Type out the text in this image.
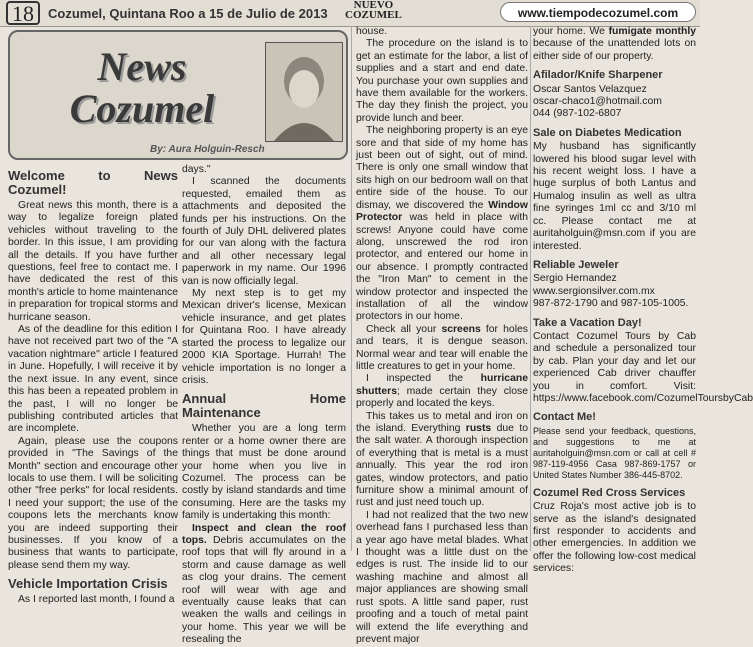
18	Cozumel, Quintana Roo a 15 de Julio de 2013
NUEVO
COZUMEL	www.tiempodecozumel.com
News
Cozumel
By: Aura Holguin-Resch
Welcome to News Cozumel!

Great news this month, there is a way to legalize foreign plated vehicles without traveling to the border. In this issue, I am providing all the details. If you have further questions, feel free to contact me. I have dedicated the rest of this month's article to home maintenance in preparation for tropical storms and hurricane season.

As of the deadline for this edition I have not received part two of the "A vacation nightmare" article I featured in June. Hopefully, I will receive it by the next issue. In any event, since this has been a repeated problem in the past, I will no longer be publishing contributed articles that are incomplete.

Again, please use the coupons provided in "The Savings of the Month" section and encourage other locals to use them. I will be soliciting other "free perks" for local residents. I need your support; the use of the coupons lets the merchants know you are indeed supporting their businesses. If you know of a business that wants to participate, please send them my way.

Vehicle Importation Crisis

As I reported last month, I found a

days."

I scanned the documents requested, emailed them as attachments and deposited the funds per his instructions. On the fourth of July DHL delivered plates for our van along with the factura and all other necessary legal paperwork in my name. Our 1996 van is now officially legal.

My next step is to get my Mexican driver's license, Mexican vehicle insurance, and get plates for Quintana Roo. I have already started the process to legalize our 2000 KIA Sportage. Hurrah! The vehicle importation is no longer a crisis.

Annual Home Maintenance

Whether you are a long term renter or a home owner there are things that must be done around your home when you live in Cozumel. The process can be costly by island standards and time consuming. Here are the tasks my family is undertaking this month:

Inspect and clean the roof tops. Debris accumulates on the roof tops that will fly around in a storm and cause damage as well as clog your drains. The cement roof will wear with age and eventually cause leaks that can weaken the walls and ceilings in your home. This year we will be resealing the

house.

The procedure on the island is to get an estimate for the labor, a list of supplies and a start and end date. You purchase your own supplies and have them available for the workers. The day they finish the project, you provide lunch and beer.

The neighboring property is an eye sore and that side of my home has just been out of sight, out of mind. There is only one small window that sits high on our bedroom wall on that entire side of the house. To our dismay, we discovered the Window Protector was held in place with screws! Anyone could have come along, unscrewed the rod iron protector, and entered our home in our absence. I promptly contracted the "Iron Man" to cement in the window protector and inspected the installation of all the window protectors in our home.

Check all your screens for holes and tears, it is dengue season. Normal wear and tear will enable the little creatures to get in your home.

I inspected the hurricane shutters; made certain they close properly and located the keys.

This takes us to metal and iron on the island. Everything rusts due to the salt water. A thorough inspection of everything that is metal is a must annually. This year the rod iron gates, window protectors, and patio furniture show a minimal amount of rust and just need touch up.

I had not realized that the two new overhead fans I purchased less than a year ago have metal blades. What I thought was a little dust on the edges is rust. The inside lid to our washing machine and almost all major appliances are showing small rust spots. A little sand paper, rust proofing and a touch of metal paint will extend the life everything and prevent major

your home. We fumigate monthly because of the unattended lots on either side of our property.

Afilador/Knife Sharpener

Oscar Santos Velazquez

oscar-chaco1@hotmail.com

044 (987-102-6807

Sale on Diabetes Medication

My husband has significantly lowered his blood sugar level with his recent weight loss. I have a huge surplus of both Lantus and Humalog insulin as well as ultra fine syringes 1ml cc and 3/10 ml cc. Please contact me at auritaholguin@msn.com if you are interested.

Reliable Jeweler

Sergio Hernandez

www.sergionsilver.com.mx

987-872-1790 and 987-105-1005.

Take a Vacation Day!

Contact Cozumel Tours by Cab and schedule a personalized tour by cab. Plan your day and let our experienced Cab driver chauffer you in comfort. Visit: https://www.facebook.com/CozumelToursbyCab

Contact Me!

Please send your feedback, questions, and suggestions to me at auritaholguin@msn.com or call at cell # 987-119-4956 Casa 987-869-1757 or United States Number 386-445-8702.

Cozumel Red Cross Services

Cruz Roja's most active job is to serve as the island's designated first responder to accidents and other emergencies. In addition we offer the following low-cost medical services:
